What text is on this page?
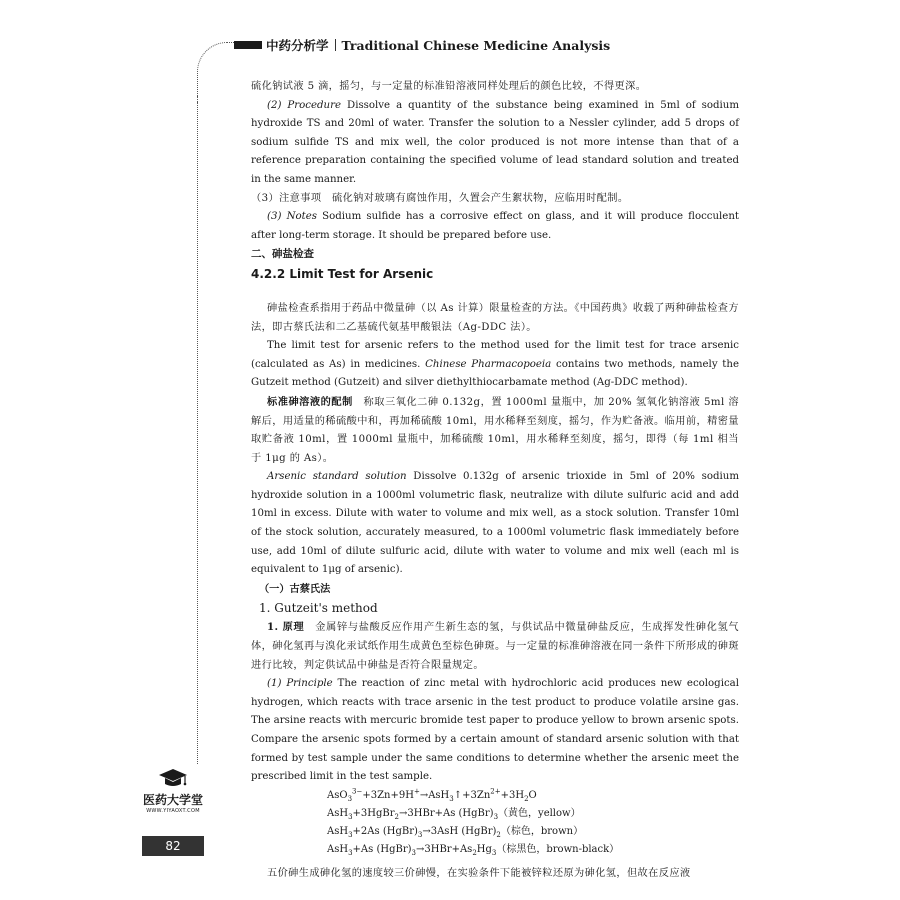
中药分析学 Traditional Chinese Medicine Analysis

硫化钠试液 5 滴，摇匀，与一定量的标准铅溶液同样处理后的颜色比较，不得更深。

(2) Procedure Dissolve a quantity of the substance being examined in 5ml of sodium hydroxide TS and 20ml of water. Transfer the solution to a Nessler cylinder, add 5 drops of sodium sulfide TS and mix well, the color produced is not more intense than that of a reference preparation containing the specified volume of lead standard solution and treated in the same manner.

（3）注意事项　硫化钠对玻璃有腐蚀作用，久置会产生絮状物，应临用时配制。

(3) Notes Sodium sulfide has a corrosive effect on glass, and it will produce flocculent after long-term storage. It should be prepared before use.

二、砷盐检查

4.2.2 Limit Test for Arsenic

砷盐检查系指用于药品中微量砷（以 As 计算）限量检查的方法。《中国药典》收载了两种砷盐检查方法，即古蔡氏法和二乙基硫代氨基甲酸银法（Ag-DDC 法）。

The limit test for arsenic refers to the method used for the limit test for trace arsenic (calculated as As) in medicines. Chinese Pharmacopoeia contains two methods, namely the Gutzeit method (Gutzeit) and silver diethylthiocarbamate method (Ag-DDC method).

标准砷溶液的配制　称取三氧化二砷 0.132g，置 1000ml 量瓶中，加 20% 氢氧化钠溶液 5ml 溶解后，用适量的稀硫酸中和，再加稀硫酸 10ml，用水稀释至刻度，摇匀，作为贮备液。临用前，精密量取贮备液 10ml，置 1000ml 量瓶中，加稀硫酸 10ml，用水稀释至刻度，摇匀，即得（每 1ml 相当于 1μg 的 As）。

Arsenic standard solution Dissolve 0.132g of arsenic trioxide in 5ml of 20% sodium hydroxide solution in a 1000ml volumetric flask, neutralize with dilute sulfuric acid and add 10ml in excess. Dilute with water to volume and mix well, as a stock solution. Transfer 10ml of the stock solution, accurately measured, to a 1000ml volumetric flask immediately before use, add 10ml of dilute sulfuric acid, dilute with water to volume and mix well (each ml is equivalent to 1μg of arsenic).

（一）古蔡氏法

1. Gutzeit's method

1. 原理　金属锌与盐酸反应作用产生新生态的氢，与供试品中微量砷盐反应，生成挥发性砷化氢气体，砷化氢再与溴化汞试纸作用生成黄色至棕色砷斑。与一定量的标准砷溶液在同一条件下所形成的砷斑进行比较，判定供试品中砷盐是否符合限量规定。

(1) Principle The reaction of zinc metal with hydrochloric acid produces new ecological hydrogen, which reacts with trace arsenic in the test product to produce volatile arsine gas. The arsine reacts with mercuric bromide test paper to produce yellow to brown arsenic spots. Compare the arsenic spots formed by a certain amount of standard arsenic solution with that formed by test sample under the same conditions to determine whether the arsenic meet the prescribed limit in the test sample.

$AsO_3^{3-}+3Zn+9H^+\to AsH_3↑+3Zn^{2+}+3H_2O$
AsH$_3$+3HgBr$_2$→3HBr+As $(HgBr)_3$（黄色，yellow）
AsH$_3$+2As $(HgBr)_3\to 3AsH$ $(HgBr)_2$（棕色，brown）
AsH$_3$+As $(HgBr)_3\to 3HBr+As_2Hg_3$（棕黑色，brown-black）

五价砷生成砷化氢的速度较三价砷慢，在实验条件下能被锌粒还原为砷化氢，但故在反应液

医药大学堂
WWW.YIYAOXT.COM
82
